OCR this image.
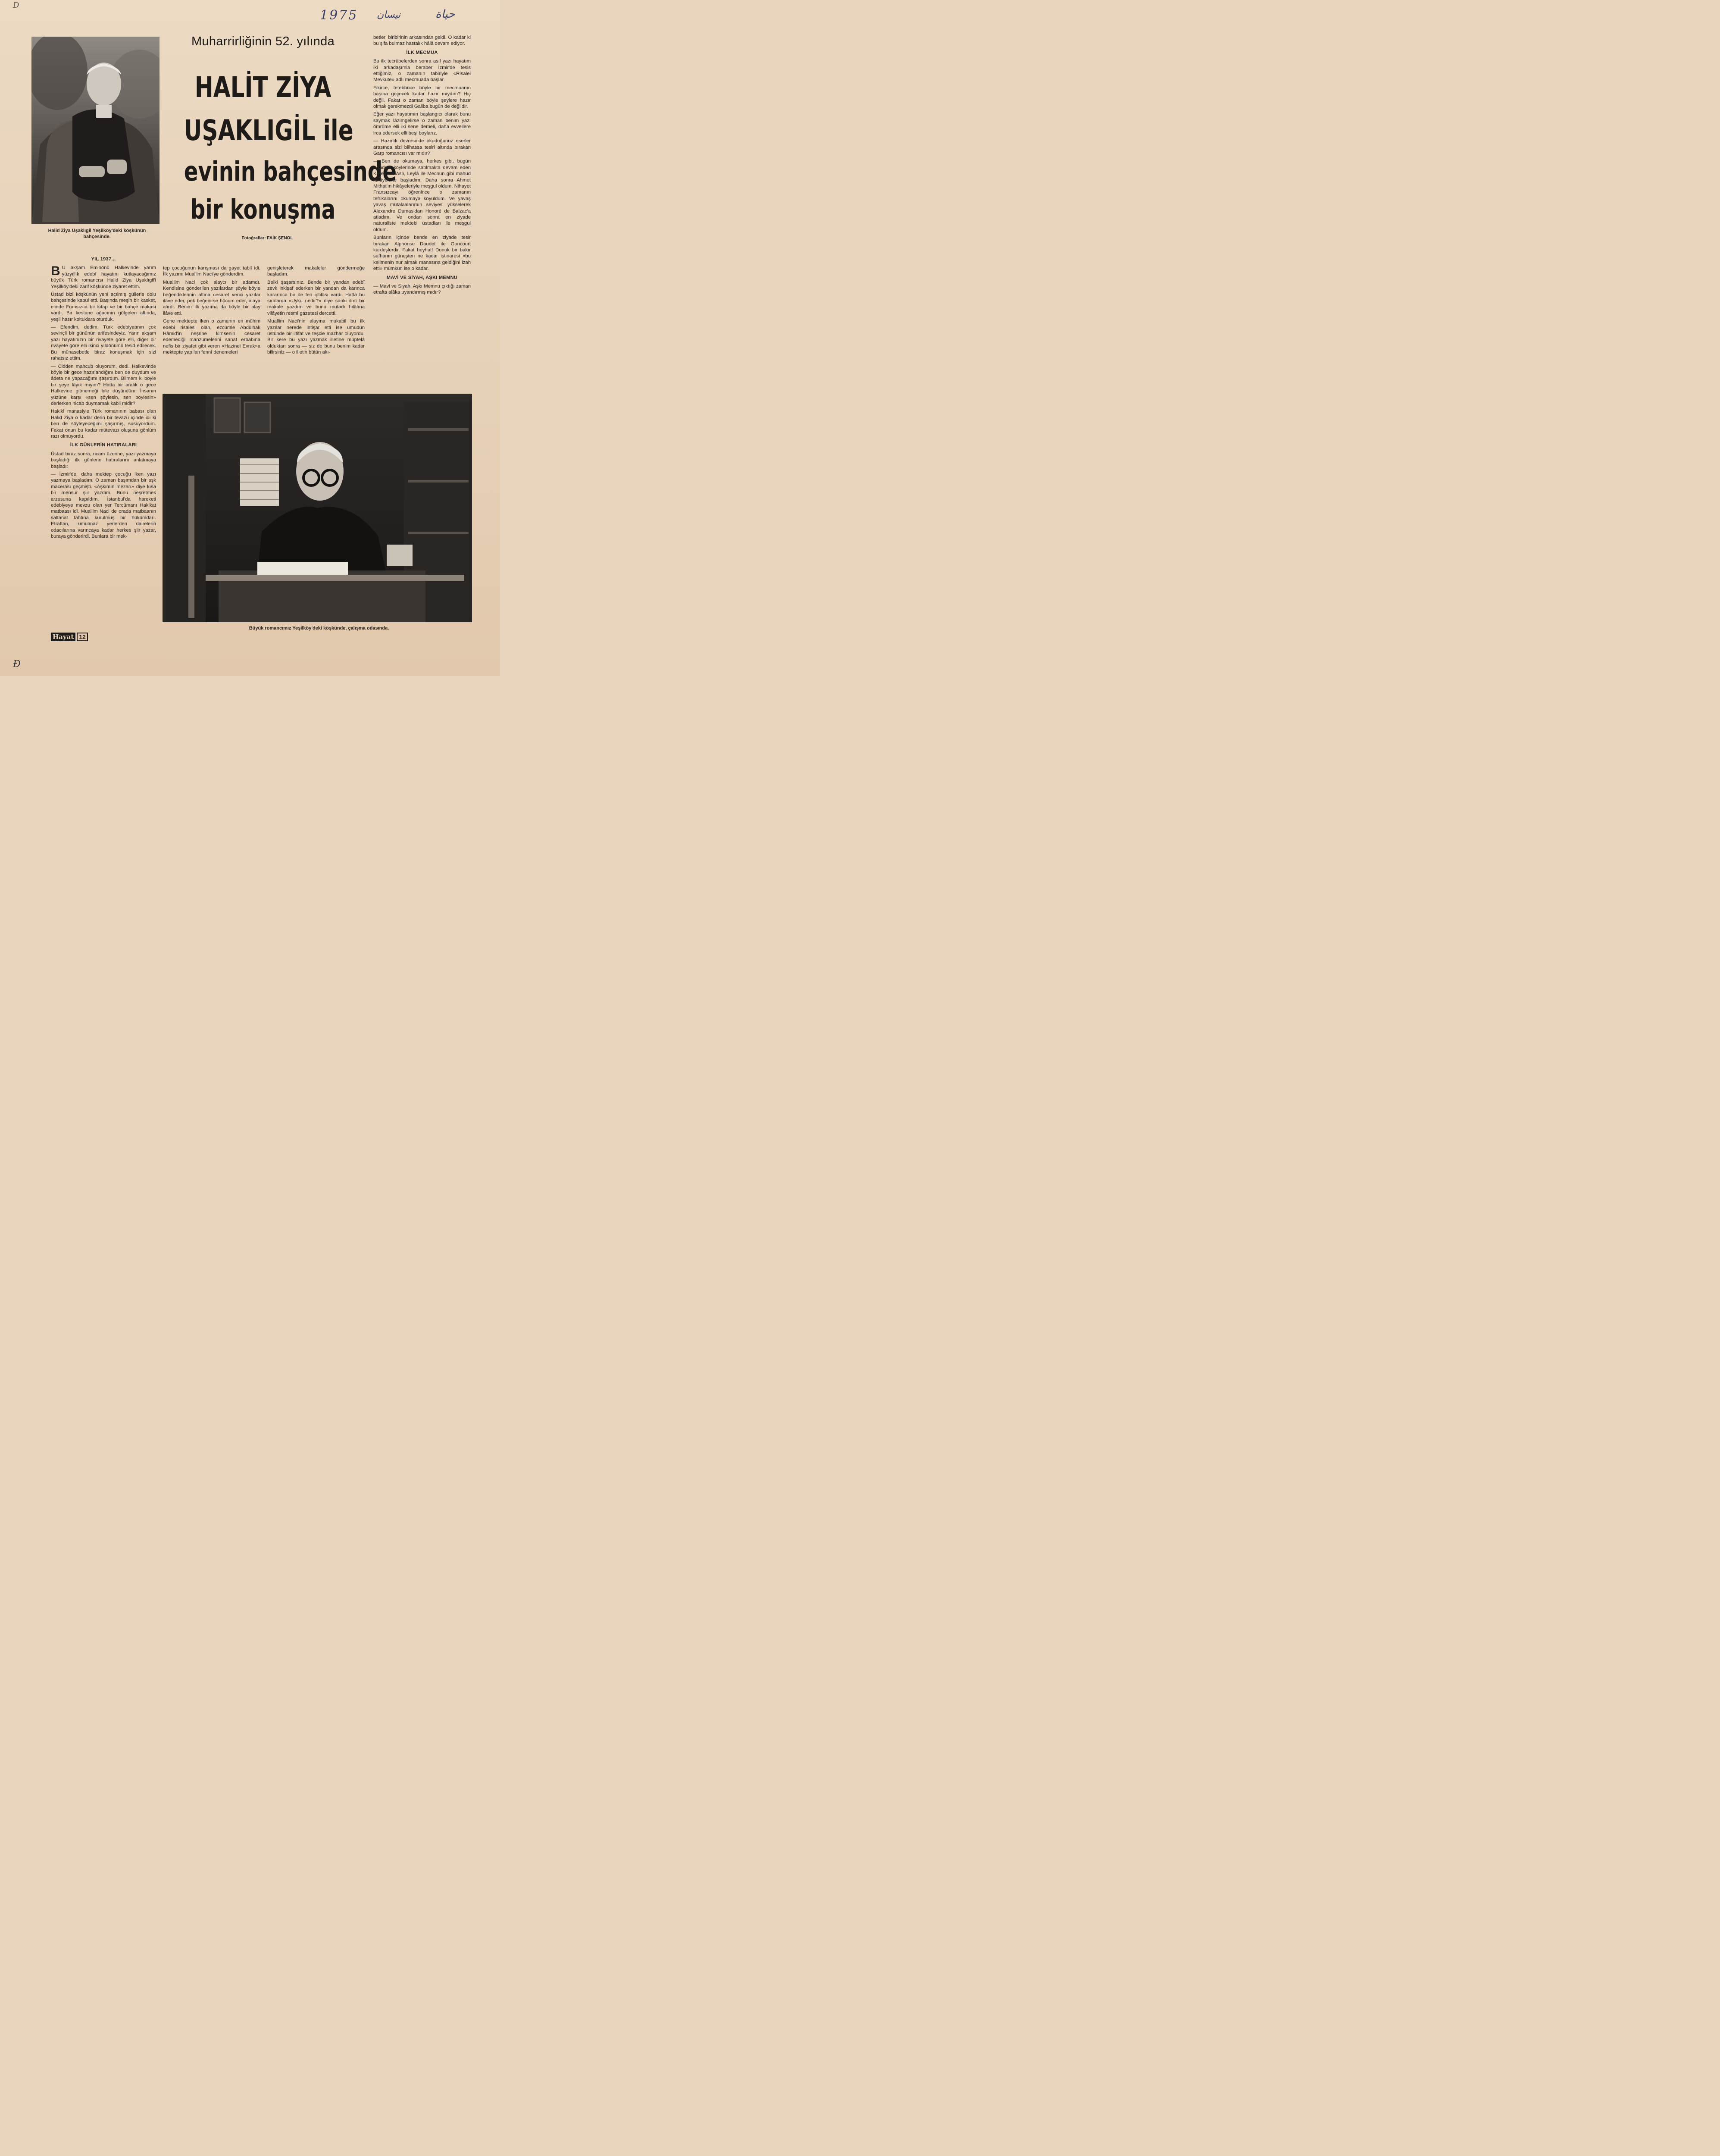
D
1975 نيسان	حياة
Đ

Halid Ziya Uşaklıgil Yeşilköy'deki köşkünün bahçesinde.
Muharrirliğinin 52. yılında
HALİT ZİYA
UŞAKLIGİL ile
evinin bahçesinde
bir konuşma
Fotoğraflar: FAİK ŞENOL
YIL 1937...

B U akşam Eminönü Halkevinde yarım yüzyıllık edebî hayatını kutlayacağımız büyük Türk romancısı Halid Ziya Uşaklıgil'i Yeşilköy'deki zarif köşkünde ziyaret ettim.

Üstad bizi köşkünün yeni açılmış güllerle dolu bahçesinde kabul etti. Başında meşin bir kasket, elinde Fransızca bir kitap ve bir bahçe makası vardı. Bir kestane ağacının gölgeleri altında, yeşil hasır koltuklara oturduk.

— Efendim, dedim, Türk edebiyatının çok sevinçli bir gününün arifesindeyiz. Yarın akşam yazı hayatınızın bir rivayete göre elli, diğer bir rivayete göre elli ikinci yıldönümü tesid edilecek. Bu münasebetle biraz konuşmak için sizi rahatsız ettim.

— Cidden mahcub oluyorum, dedi. Halkevinde böyle bir gece hazırlandığını ben de duydum ve âdeta ne yapacağımı şaşırdım. Bilmem ki böyle bir şeye lâyık mıyım? Hatta bir aralık o gece Halkevine gitmemeği bile düşündüm. İnsanın yüzüne karşı «sen şöylesin, sen böylesin» derlerken hicab duymamak kabil midir?

Hakikî manasiyle Türk romanının babası olan Halid Ziya o kadar derin bir tevazu içinde idi ki ben de söyleyeceğimi şaşırmış, susuyordum. Fakat onun bu kadar mütevazı oluşuna gönlüm razı olmuyordu.

İLK GÜNLERİN HATIRALARI

Üstad biraz sonra, ricam üzerine, yazı yazmaya başladığı ilk günlerin hatıralarını anlatmaya başladı:

— İzmir'de, daha mektep çocuğu iken yazı yazmaya başladım. O zaman başımdan bir aşk macerası geçmişti. «Aşkımın mezarı» diye kısa bir mensur şiir yazdım. Bunu neşretmek arzusuna kapıldım. İstanbul'da hareketi edebiyeye mevzu olan yer Tercümanı Hakikat matbaası idi. Muallim Naci de orada matbaanın saltanat tahtına kurulmuş bir hükümdarı. Etraftan, umulmaz yerlerden dairelerin odacılarına varıncaya kadar herkes şiir yazar, buraya gönderirdi. Bunlara bir mek-

tep çocuğunun karışması da gayet tabiî idi. İlk yazımı Muallim Naci'ye gönderdim.

Muallim Naci çok alaycı bir adamdı. Kendisine gönderilen yazılardan şöyle böyle beğendiklerinin altına cesaret verici yazılar ilâve eder, pek beğenirse hücum eder, alaya alırdı. Benim ilk yazıma da böyle bir alay ilâve etti.

Gene mektepte iken o zamanın en mühim edebî risalesi olan, ezcümle Abdülhak Hâmid'in neşrine kimsenin cesaret edemediği manzumelerini sanat erbabına nefis bir ziyafet gibi veren «Hazinei Evrak»a mektepte yapılan fennî denemeleri

genişleterek makaleler göndermeğe başladım.

Belki şaşarsınız. Bende bir yandan edebî zevk inkişaf ederken bir yandan da karınca kararınca bir de fen iptilâsı vardı. Hattâ bu sıralarda «Uyku nedir?» diye sanki ilmî bir makale yazdım ve bunu mutadı hilâfına vilâyetin resmî gazetesi dercetti.

Muallim Naci'nin alayına mukabil bu ilk yazılar nerede intişar etti ise umudun üstünde bir iltifat ve teşcie mazhar oluyordu. Bir kere bu yazı yazmak illetine müptelâ olduktan sonra — siz de bunu benim kadar bilirsiniz — o illetin bütün akı-

betleri biribirinin arkasından geldi. O kadar ki bu şifa bulmaz hastalık hâlâ devam ediyor.

İLK MECMUA

Bu ilk tecrübelerden sonra asıl yazı hayatım iki arkadaşımla beraber İzmir'de tesis ettiğimiz, o zamanın tabiriyle «Risalei Mevkute» adlı mecmuada başlar.

Fikirce, tetebbüce böyle bir mecmuanın başına geçecek kadar hazır mıydım? Hiç değil. Fakat o zaman böyle şeylere hazır olmak gerekmezdi Galiba bugün de değildir.

Eğer yazı hayatımın başlangıcı olarak bunu saymak lâzımgelirse o zaman benim yazı ömrüme elli iki sene demeli, daha evvellere irca edersek elli beşi boylarız.

— Hazırlık devresinde okuduğunuz eserler arasında sizi bilhassa tesiri altında bırakan Garp romancısı var mıdır?

— Ben de okumaya, herkes gibi, bugün Anadolu köylerinde satılmakta devam eden Kerem ile Aslı, Leylâ ile Mecnun gibi mahud hikâyelerle başladım. Daha sonra Ahmet Mithat'ın hikâyeleriyle meşgul oldum. Nihayet Fransızcayı öğrenince o zamanın tefrikalarını okumaya koyuldum. Ve yavaş yavaş mütalaalarımın seviyesi yükselerek Alexandre Dumas'dan Honoré de Balzac'a atladım. Ve ondan sonra en ziyade naturaliste mektebi üstadları ile meşgul oldum.

Bunların içinde bende en ziyade tesir bırakan Alphonse Daudet ile Goncourt kardeşlerdir. Fakat heyhat! Donuk bir bakır safhanın güneşten ne kadar istinaresi «bu kelimenin nur almak manasına geldiğini izah etti» mümkün ise o kadar.

MAVİ VE SİYAH, AŞKI MEMNU

— Mavi ve Siyah, Aşkı Memnu çıktığı zaman etrafta alâka uyandırmış mıdır?

Büyük romancımız Yeşilköy'deki köşkünde, çalışma odasında.
Hayat 12
